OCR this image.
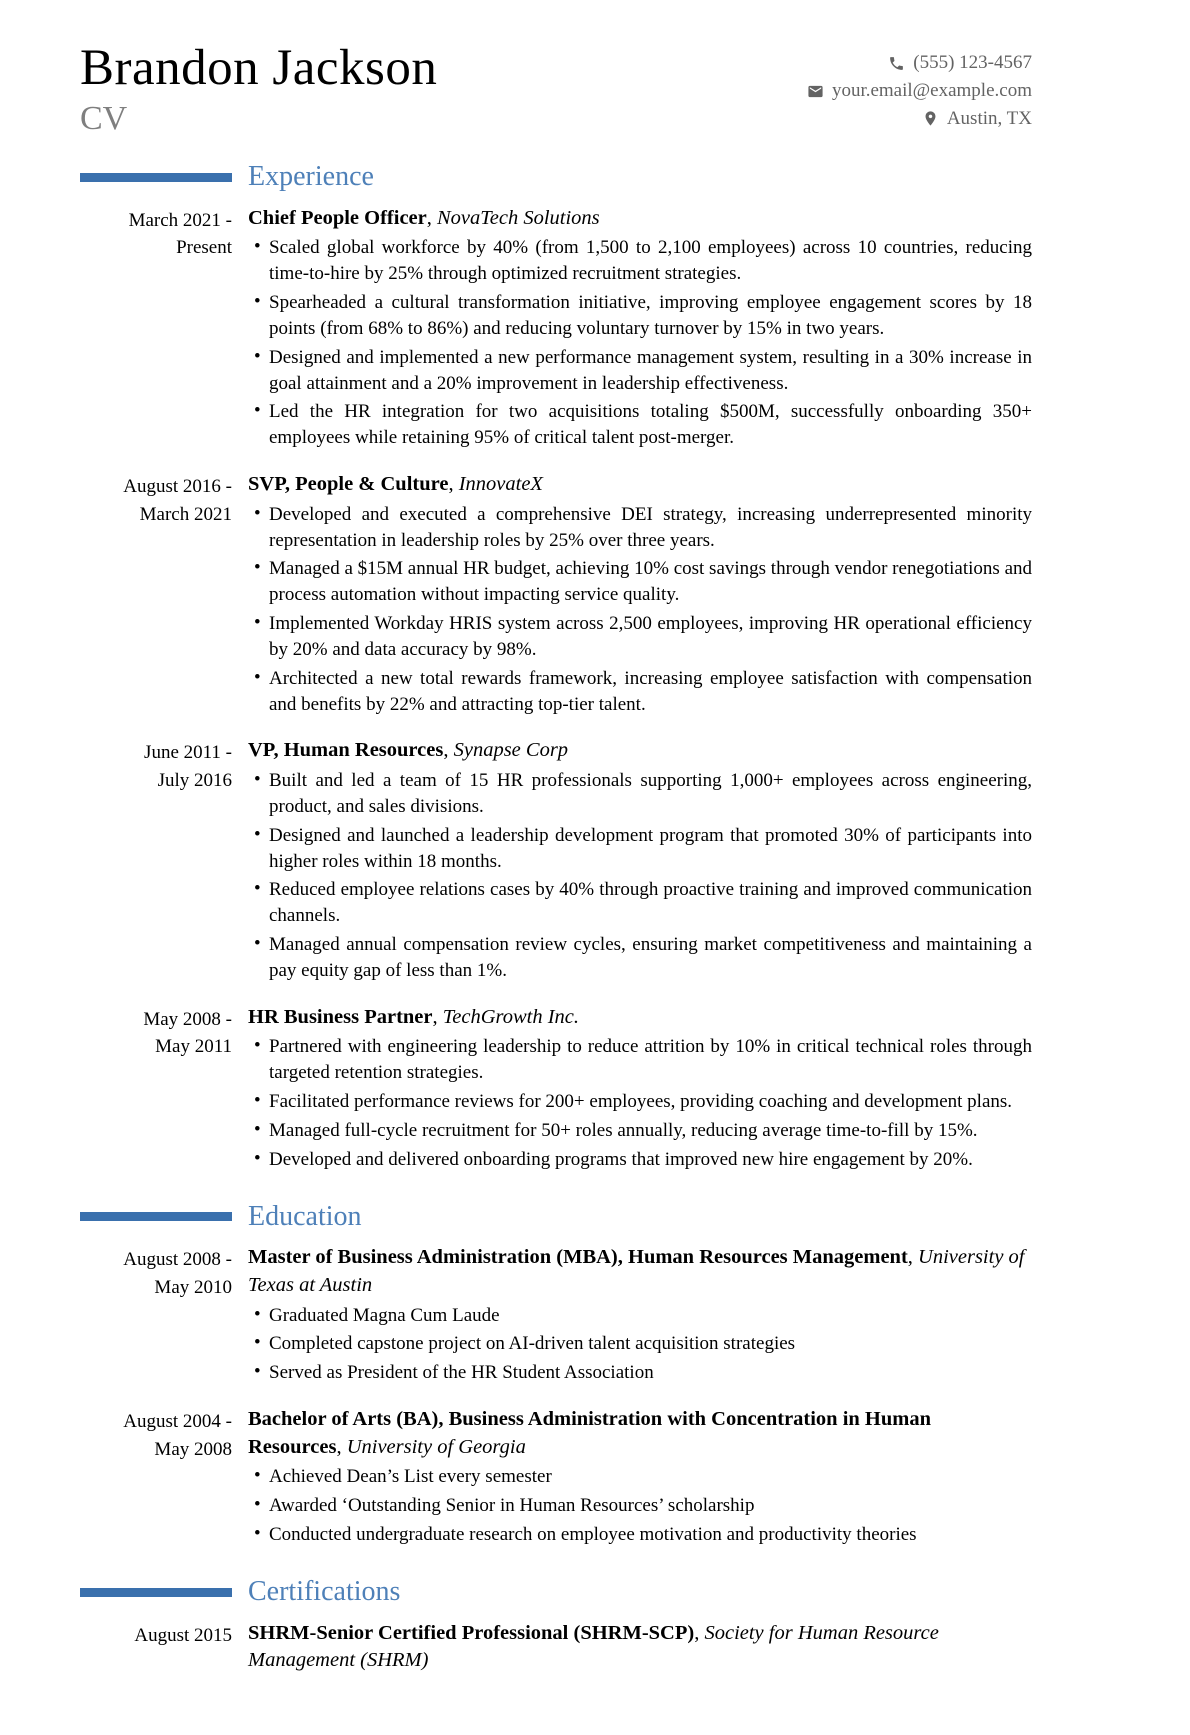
Brandon Jackson
CV
(555) 123-4567
your.email@example.com
Austin, TX
Experience
March 2021 -
Present
Chief People Officer, NovaTech Solutions
• Scaled global workforce by 40% (from 1,500 to 2,100 employees) across 10 countries, reducing time-to-hire by 25% through optimized recruitment strategies.
• Spearheaded a cultural transformation initiative, improving employee engagement scores by 18 points (from 68% to 86%) and reducing voluntary turnover by 15% in two years.
• Designed and implemented a new performance management system, resulting in a 30% increase in goal attainment and a 20% improvement in leadership effectiveness.
• Led the HR integration for two acquisitions totaling $500M, successfully onboarding 350+ employees while retaining 95% of critical talent post-merger.
August 2016 -
March 2021
SVP, People & Culture, InnovateX
• Developed and executed a comprehensive DEI strategy, increasing underrepresented minority representation in leadership roles by 25% over three years.
• Managed a $15M annual HR budget, achieving 10% cost savings through vendor renegotiations and process automation without impacting service quality.
• Implemented Workday HRIS system across 2,500 employees, improving HR operational efficiency by 20% and data accuracy by 98%.
• Architected a new total rewards framework, increasing employee satisfaction with compensation and benefits by 22% and attracting top-tier talent.
June 2011 -
July 2016
VP, Human Resources, Synapse Corp
• Built and led a team of 15 HR professionals supporting 1,000+ employees across engineering, product, and sales divisions.
• Designed and launched a leadership development program that promoted 30% of participants into higher roles within 18 months.
• Reduced employee relations cases by 40% through proactive training and improved communication channels.
• Managed annual compensation review cycles, ensuring market competitiveness and maintaining a pay equity gap of less than 1%.
May 2008 -
May 2011
HR Business Partner, TechGrowth Inc.
• Partnered with engineering leadership to reduce attrition by 10% in critical technical roles through targeted retention strategies.
• Facilitated performance reviews for 200+ employees, providing coaching and development plans.
• Managed full-cycle recruitment for 50+ roles annually, reducing average time-to-fill by 15%.
• Developed and delivered onboarding programs that improved new hire engagement by 20%.
Education
August 2008 -
May 2010
Master of Business Administration (MBA), Human Resources Management, University of Texas at Austin
• Graduated Magna Cum Laude
• Completed capstone project on AI-driven talent acquisition strategies
• Served as President of the HR Student Association
August 2004 -
May 2008
Bachelor of Arts (BA), Business Administration with Concentration in Human Resources, University of Georgia
• Achieved Dean’s List every semester
• Awarded ‘Outstanding Senior in Human Resources’ scholarship
• Conducted undergraduate research on employee motivation and productivity theories
Certifications
August 2015 SHRM-Senior Certified Professional (SHRM-SCP), Society for Human Resource Management (SHRM)
